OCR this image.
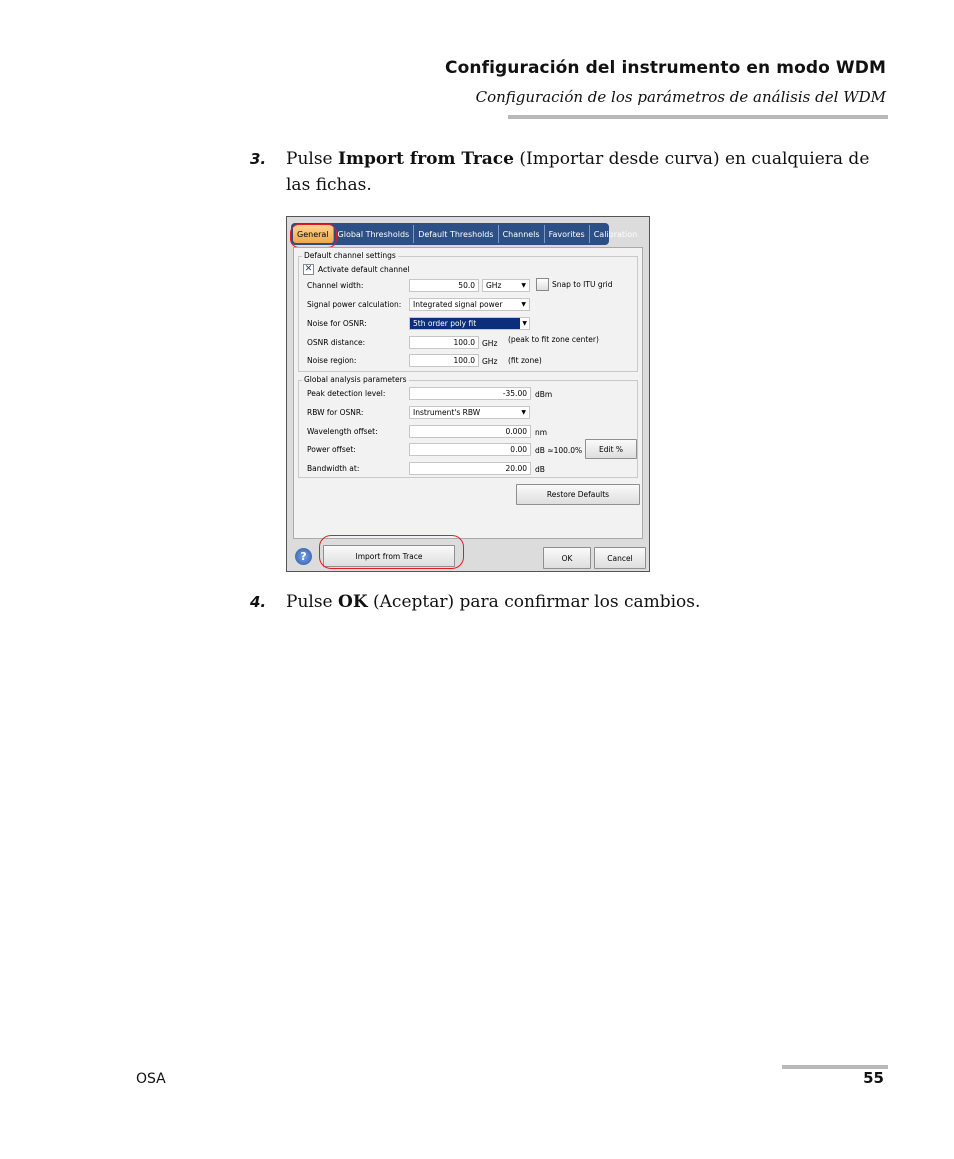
Configuración del instrumento en modo WDM
Configuración de los parámetros de análisis del WDM
3. Pulse Import from Trace (Importar desde curva) en cualquiera de las fichas.
General	Global Thresholds	Default Thresholds	Channels	Favorites	Calibration
Default channel settings
✕ Activate default channel
Channel width:	50.0	GHz	▼	Snap to ITU grid
Signal power calculation:	Integrated signal power	▼
Noise for OSNR:	5th order poly fit	▼
OSNR distance:	100.0 GHz (peak to fit zone center)
Noise region:	100.0 GHz (fit zone)
Global analysis parameters
Peak detection level:	-35.00	dBm
RBW for OSNR:	Instrument's RBW	▼
Wavelength offset:	0.000	nm
Power offset:	0.00	dB ≈100.0%	Edit %
Bandwidth at:	20.00	dB
Restore Defaults
?	Import from Trace	OK	Cancel
4. Pulse OK (Aceptar) para confirmar los cambios.
OSA	55
